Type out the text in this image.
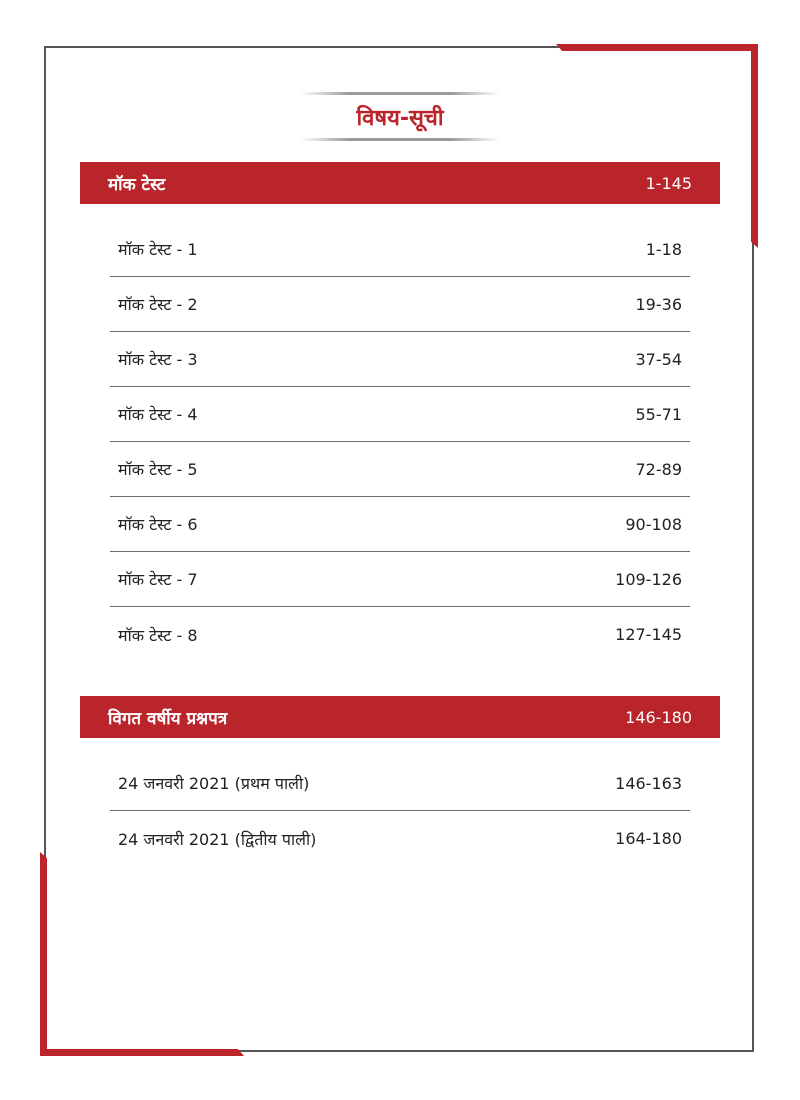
विषय-सूची
मॉक टेस्ट	1-145
मॉक टेस्ट - 1	1-18
मॉक टेस्ट - 2	19-36
मॉक टेस्ट - 3	37-54
मॉक टेस्ट - 4	55-71
मॉक टेस्ट - 5	72-89
मॉक टेस्ट - 6	90-108
मॉक टेस्ट - 7	109-126
मॉक टेस्ट - 8	127-145
विगत वर्षीय प्रश्नपत्र	146-180
24 जनवरी 2021 (प्रथम पाली)	146-163
24 जनवरी 2021 (द्वितीय पाली)	164-180
